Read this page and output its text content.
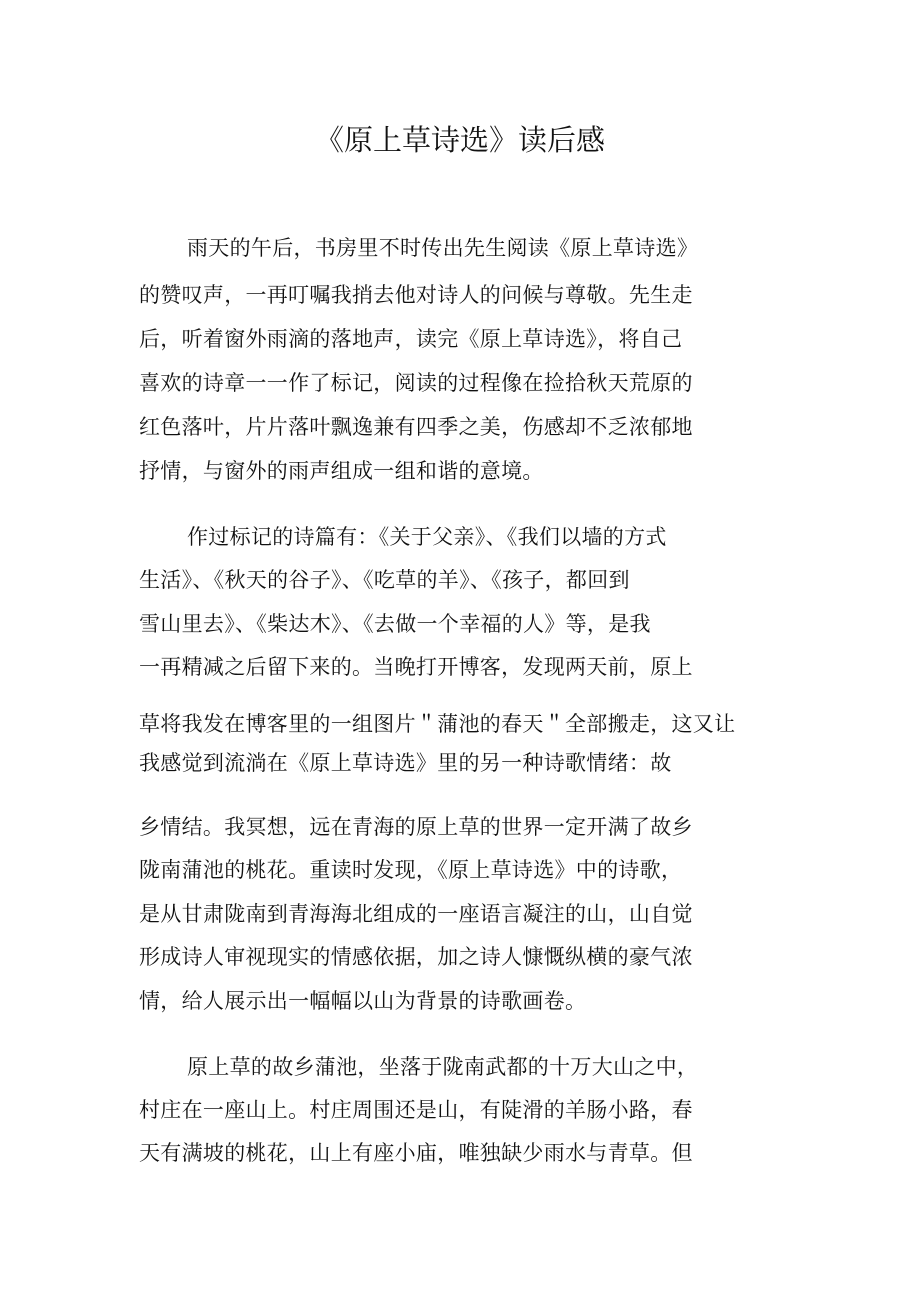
《原上草诗选》读后感
雨天的午后，书房里不时传出先生阅读《原上草诗选》
的赞叹声，一再叮嘱我捎去他对诗人的问候与尊敬。先生走
后，听着窗外雨滴的落地声，读完《原上草诗选》，将自己
喜欢的诗章一一作了标记，阅读的过程像在捡拾秋天荒原的
红色落叶，片片落叶飘逸兼有四季之美，伤感却不乏浓郁地
抒情，与窗外的雨声组成一组和谐的意境。
作过标记的诗篇有：《关于父亲》、《我们以墙的方式
生活》、《秋天的谷子》、《吃草的羊》、《孩子，都回到
雪山里去》、《柴达木》、《去做一个幸福的人》等，是我
一再精减之后留下来的。当晚打开博客，发现两天前，原上
草将我发在博客里的一组图片＂蒲池的春天＂全部搬走，这又让
我感觉到流淌在《原上草诗选》里的另一种诗歌情绪：故
乡情结。我冥想，远在青海的原上草的世界一定开满了故乡
陇南蒲池的桃花。重读时发现，《原上草诗选》中的诗歌，
是从甘肃陇南到青海海北组成的一座语言凝注的山，山自觉
形成诗人审视现实的情感依据，加之诗人慷慨纵横的豪气浓
情，给人展示出一幅幅以山为背景的诗歌画卷。
原上草的故乡蒲池，坐落于陇南武都的十万大山之中，
村庄在一座山上。村庄周围还是山，有陡滑的羊肠小路，春
天有满坡的桃花，山上有座小庙，唯独缺少雨水与青草。但
